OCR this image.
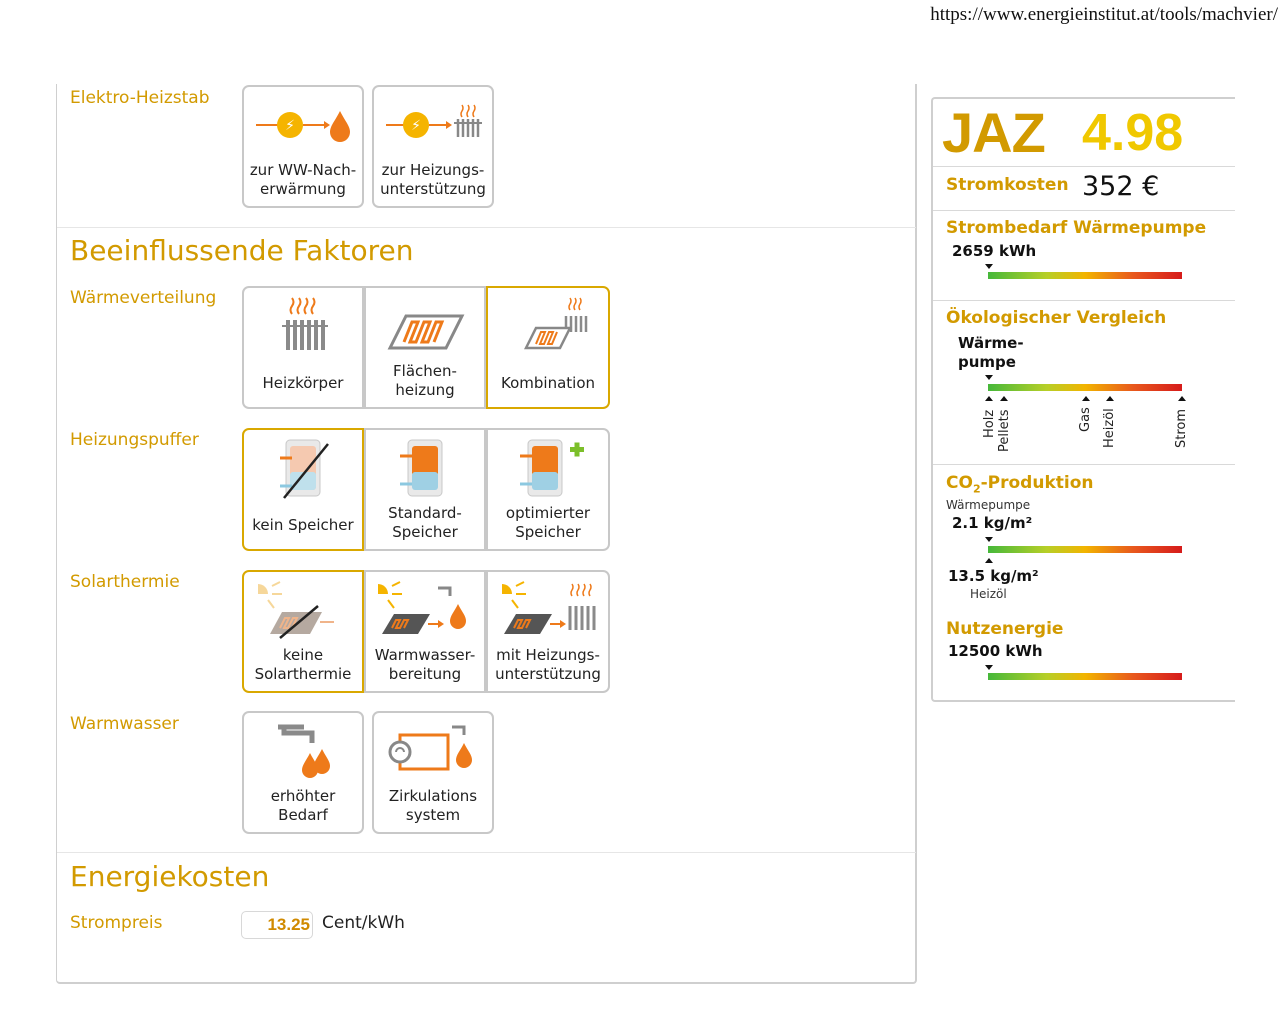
https://www.energieinstitut.at/tools/machvier/
Elektro-Heizstab
⚡
zur WW-Nach-
erwärmung
⚡
zur Heizungs-
unterstützung
Beeinflussende Faktoren
Wärmeverteilung
Heizkörper
Flächen-
heizung	Kombination
Heizungspuffer
kein Speicher
Standard-
Speicher
optimierter
Speicher
Solarthermie
keine
Solarthermie
Warmwasser-
bereitung
mit Heizungs-
unterstützung
Warmwasser
erhöhter
Bedarf
Zirkulations
system
Energiekosten
Strompreis	13.25 Cent/kWh
JAZ 4.98
Stromkosten 352 €
Strombedarf Wärmepumpe
2659 kWh
Ökologischer Vergleich
Wärme-
pumpe
Holz Pellets	Gas Heizöl	Strom
$CO_2$-Produktion
Wärmepumpe
2.1 kg/m²
13.5 kg/m²
Heizöl
Nutzenergie
12500 kWh
